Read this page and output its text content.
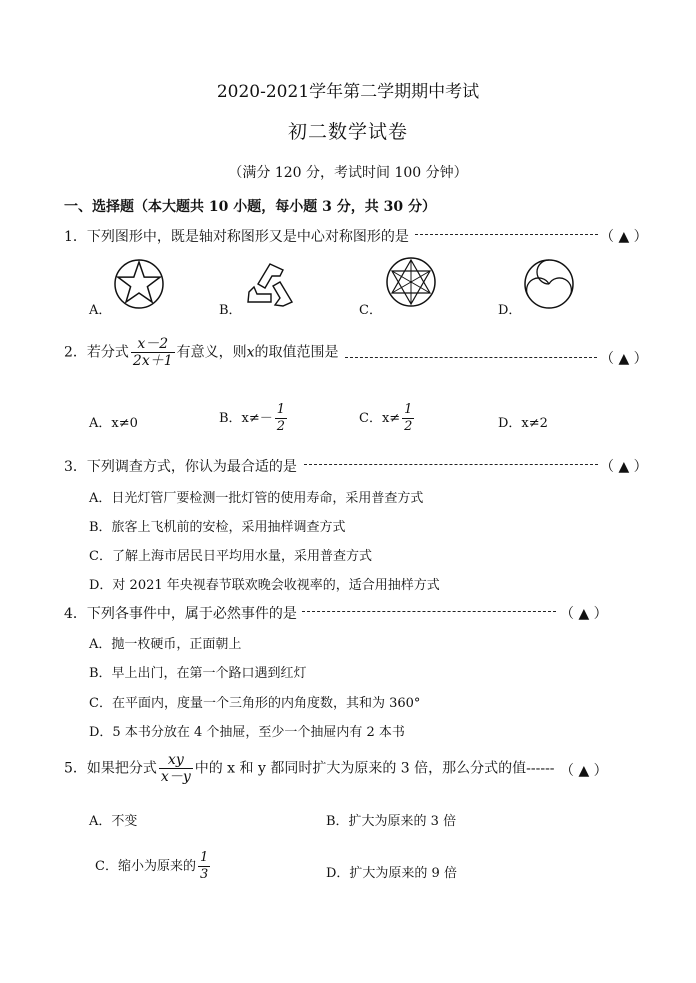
2020-2021学年第二学期期中考试
初二数学试卷
（满分 120 分，考试时间 100 分钟）
一、选择题（本大题共 10 小题，每小题 3 分，共 30 分）
1．下列图形中，既是轴对称图形又是中心对称图形的是	（ ▲ ）
A．	B．	C．	D．
2．若分式 $\frac{x-2}{2x+1}$ 有意义，则x的取值范围是	（ ▲ ）
A．x≠0	B．$x\ne- \frac{1}{2}$	C．$x\ne \frac{1}{2}$	D．x≠2
3．下列调查方式，你认为最合适的是	（ ▲ ）
A．日光灯管厂要检测一批灯管的使用寿命，采用普查方式
B．旅客上飞机前的安检，采用抽样调查方式
C．了解上海市居民日平均用水量，采用普查方式
D．对 2021 年央视春节联欢晚会收视率的，适合用抽样方式
4．下列各事件中，属于必然事件的是	（ ▲ ）
A．抛一枚硬币，正面朝上
B．早上出门，在第一个路口遇到红灯
C．在平面内，度量一个三角形的内角度数，其和为 360°
D．5 本书分放在 4 个抽屉，至少一个抽屉内有 2 本书
5．如果把分式 $\frac{xy}{x-y}$ 中的 x 和 y 都同时扩大为原来的 3 倍，那么分式的值------ （ ▲ ）
A．不变	B．扩大为原来的 3 倍
C．缩小为原来的 $\frac{1}{3}$	D．扩大为原来的 9 倍
